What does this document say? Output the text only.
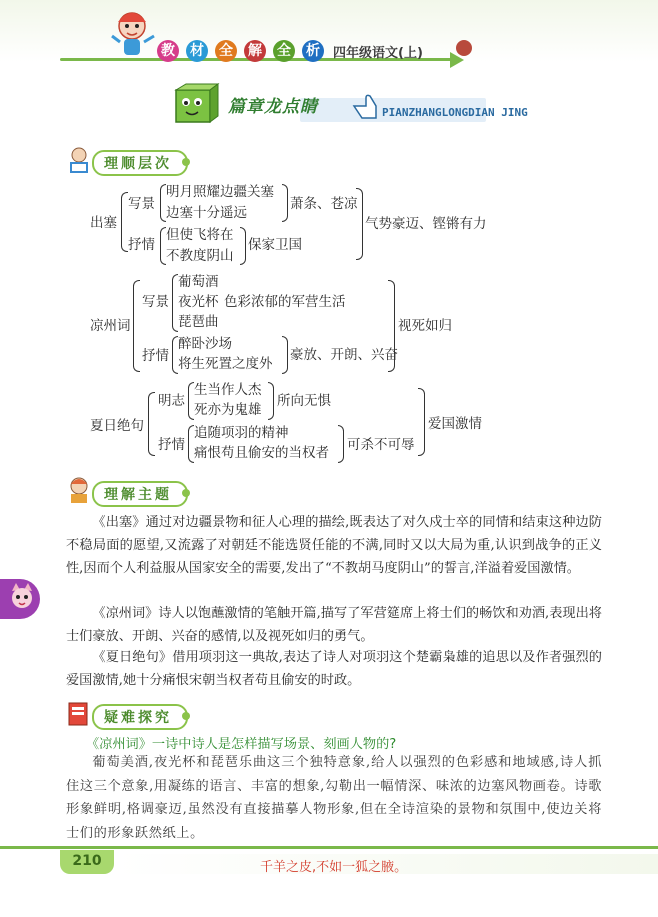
教 材 全 解 全 析	四年级语文(上)
篇章龙点睛	PIANZHANGLONGDIAN JING
理顺层次
出塞
写景
明月照耀边疆关塞
边塞十分遥远
萧条、苍凉
抒情
但使飞将在
不教度阴山
保家卫国
气势豪迈、铿锵有力
凉州词
写景
葡萄酒
夜光杯 色彩浓郁的军营生活
琵琶曲
抒情
醉卧沙场
将生死置之度外
豪放、开朗、兴奋
视死如归
夏日绝句
明志
生当作人杰
死亦为鬼雄
所向无惧
抒情
追随项羽的精神
痛恨苟且偷安的当权者 可杀不可辱
爱国激情
理解主题
《出塞》通过对边疆景物和征人心理的描绘,既表达了对久戍士卒的同情和结束这种边防不稳局面的愿望,又流露了对朝廷不能选贤任能的不满,同时又以大局为重,认识到战争的正义性,因而个人利益服从国家安全的需要,发出了“不教胡马度阴山”的誓言,洋溢着爱国激情。
《凉州词》诗人以饱蘸激情的笔触开篇,描写了军营筵席上将士们的畅饮和劝酒,表现出将士们豪放、开朗、兴奋的感情,以及视死如归的勇气。
《夏日绝句》借用项羽这一典故,表达了诗人对项羽这个楚霸枭雄的追思以及作者强烈的爱国激情,她十分痛恨宋朝当权者苟且偷安的时政。
疑难探究
《凉州词》一诗中诗人是怎样描写场景、刻画人物的?
葡萄美酒,夜光杯和琵琶乐曲这三个独特意象,给人以强烈的色彩感和地域感,诗人抓住这三个意象,用凝练的语言、丰富的想象,勾勒出一幅情深、味浓的边塞风物画卷。诗歌形象鲜明,格调豪迈,虽然没有直接描摹人物形象,但在全诗渲染的景物和氛围中,使边关将士们的形象跃然纸上。
210	千羊之皮,不如一狐之腋。
